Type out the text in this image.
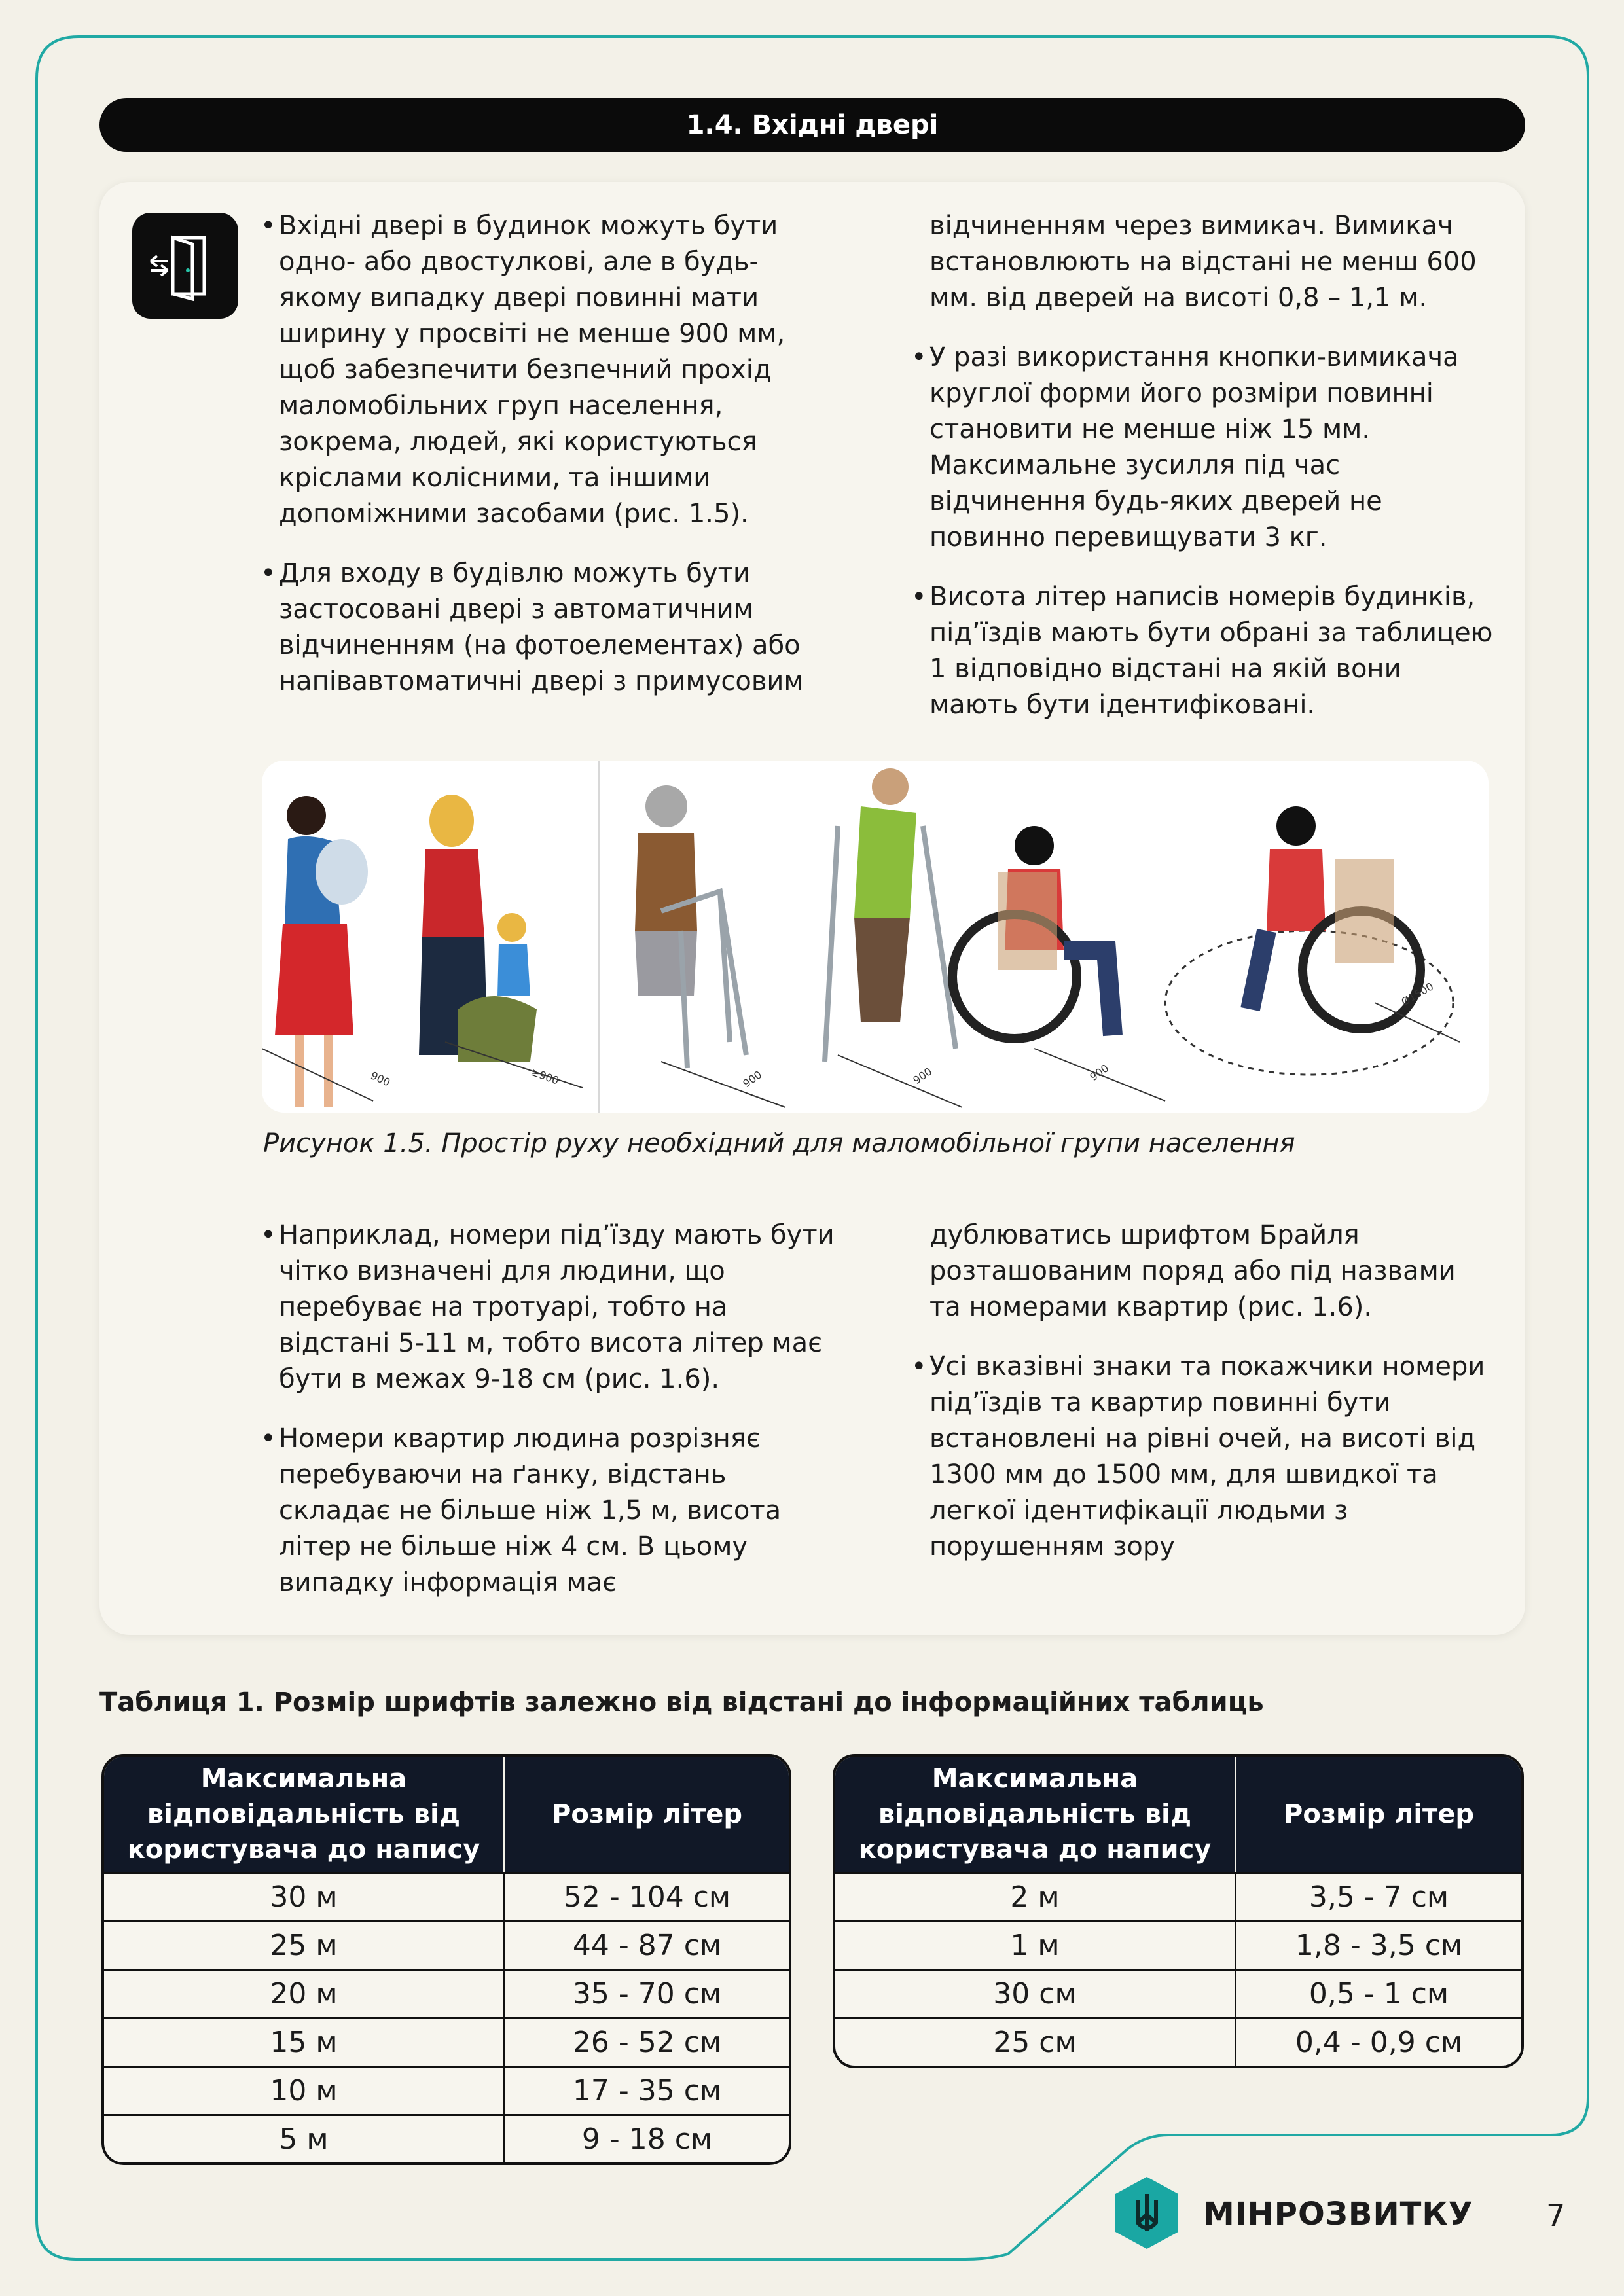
1.4. Вхідні двері

• Вхідні двері в будинок можуть бути одно- або двостулкові, але в будь-якому випадку двері повинні мати ширину у просвіті не менше 900 мм, щоб забезпечити безпечний прохід маломобільних груп населення, зокрема, людей, які користуються кріслами колісними, та іншими допоміжними засобами (рис. 1.5).

• Для входу в будівлю можуть бути застосовані двері з автоматичним відчиненням (на фотоелементах) або напівавтоматичні двері з примусовим

відчиненням через вимикач. Вимикач встановлюють на відстані не менш 600 мм. від дверей на висоті 0,8 – 1,1 м.

• У разі використання кнопки-вимикача круглої форми його розміри повинні становити не менше ніж 15 мм. Максимальне зусилля під час відчинення будь-яких дверей не повинно перевищувати 3 кг.

• Висота літер написів номерів будинків, під’їздів мають бути обрані за таблицею 1 відповідно відстані на якій вони мають бути ідентифіковані.

900	≥900	900	900	900
Ø1500
Рисунок 1.5. Простір руху необхідний для маломобільної групи населення

• Наприклад, номери під’їзду мають бути чітко визначені для людини, що перебуває на тротуарі, тобто на відстані 5-11 м, тобто висота літер має бути в межах 9-18 см (рис. 1.6).

• Номери квартир людина розрізняє перебуваючи на ґанку, відстань складає не більше ніж 1,5 м, висота літер не більше ніж 4 см. В цьому випадку інформація має

дублюватись шрифтом Брайля розташованим поряд або під назвами та номерами квартир (рис. 1.6).

• Усі вказівні знаки та покажчики номери під’їздів та квартир повинні бути встановлені на рівні очей, на висоті від 1300 мм до 1500 мм, для швидкої та легкої ідентифікації людьми з порушенням зору

Таблиця 1. Розмір шрифтів залежно від відстані до інформаційних таблиць
Максимальна відповідальність від користувача до напису	Розмір літер
30 м	52 - 104 см
25 м	44 - 87 см
20 м	35 - 70 см
15 м	26 - 52 см
10 м	17 - 35 см
5 м	9 - 18 см
Максимальна відповідальність від користувача до напису	Розмір літер
2 м	3,5 - 7 см
1 м	1,8 - 3,5 см
30 см	0,5 - 1 см
25 см	0,4 - 0,9 см
МІНРОЗВИТКУ 7
